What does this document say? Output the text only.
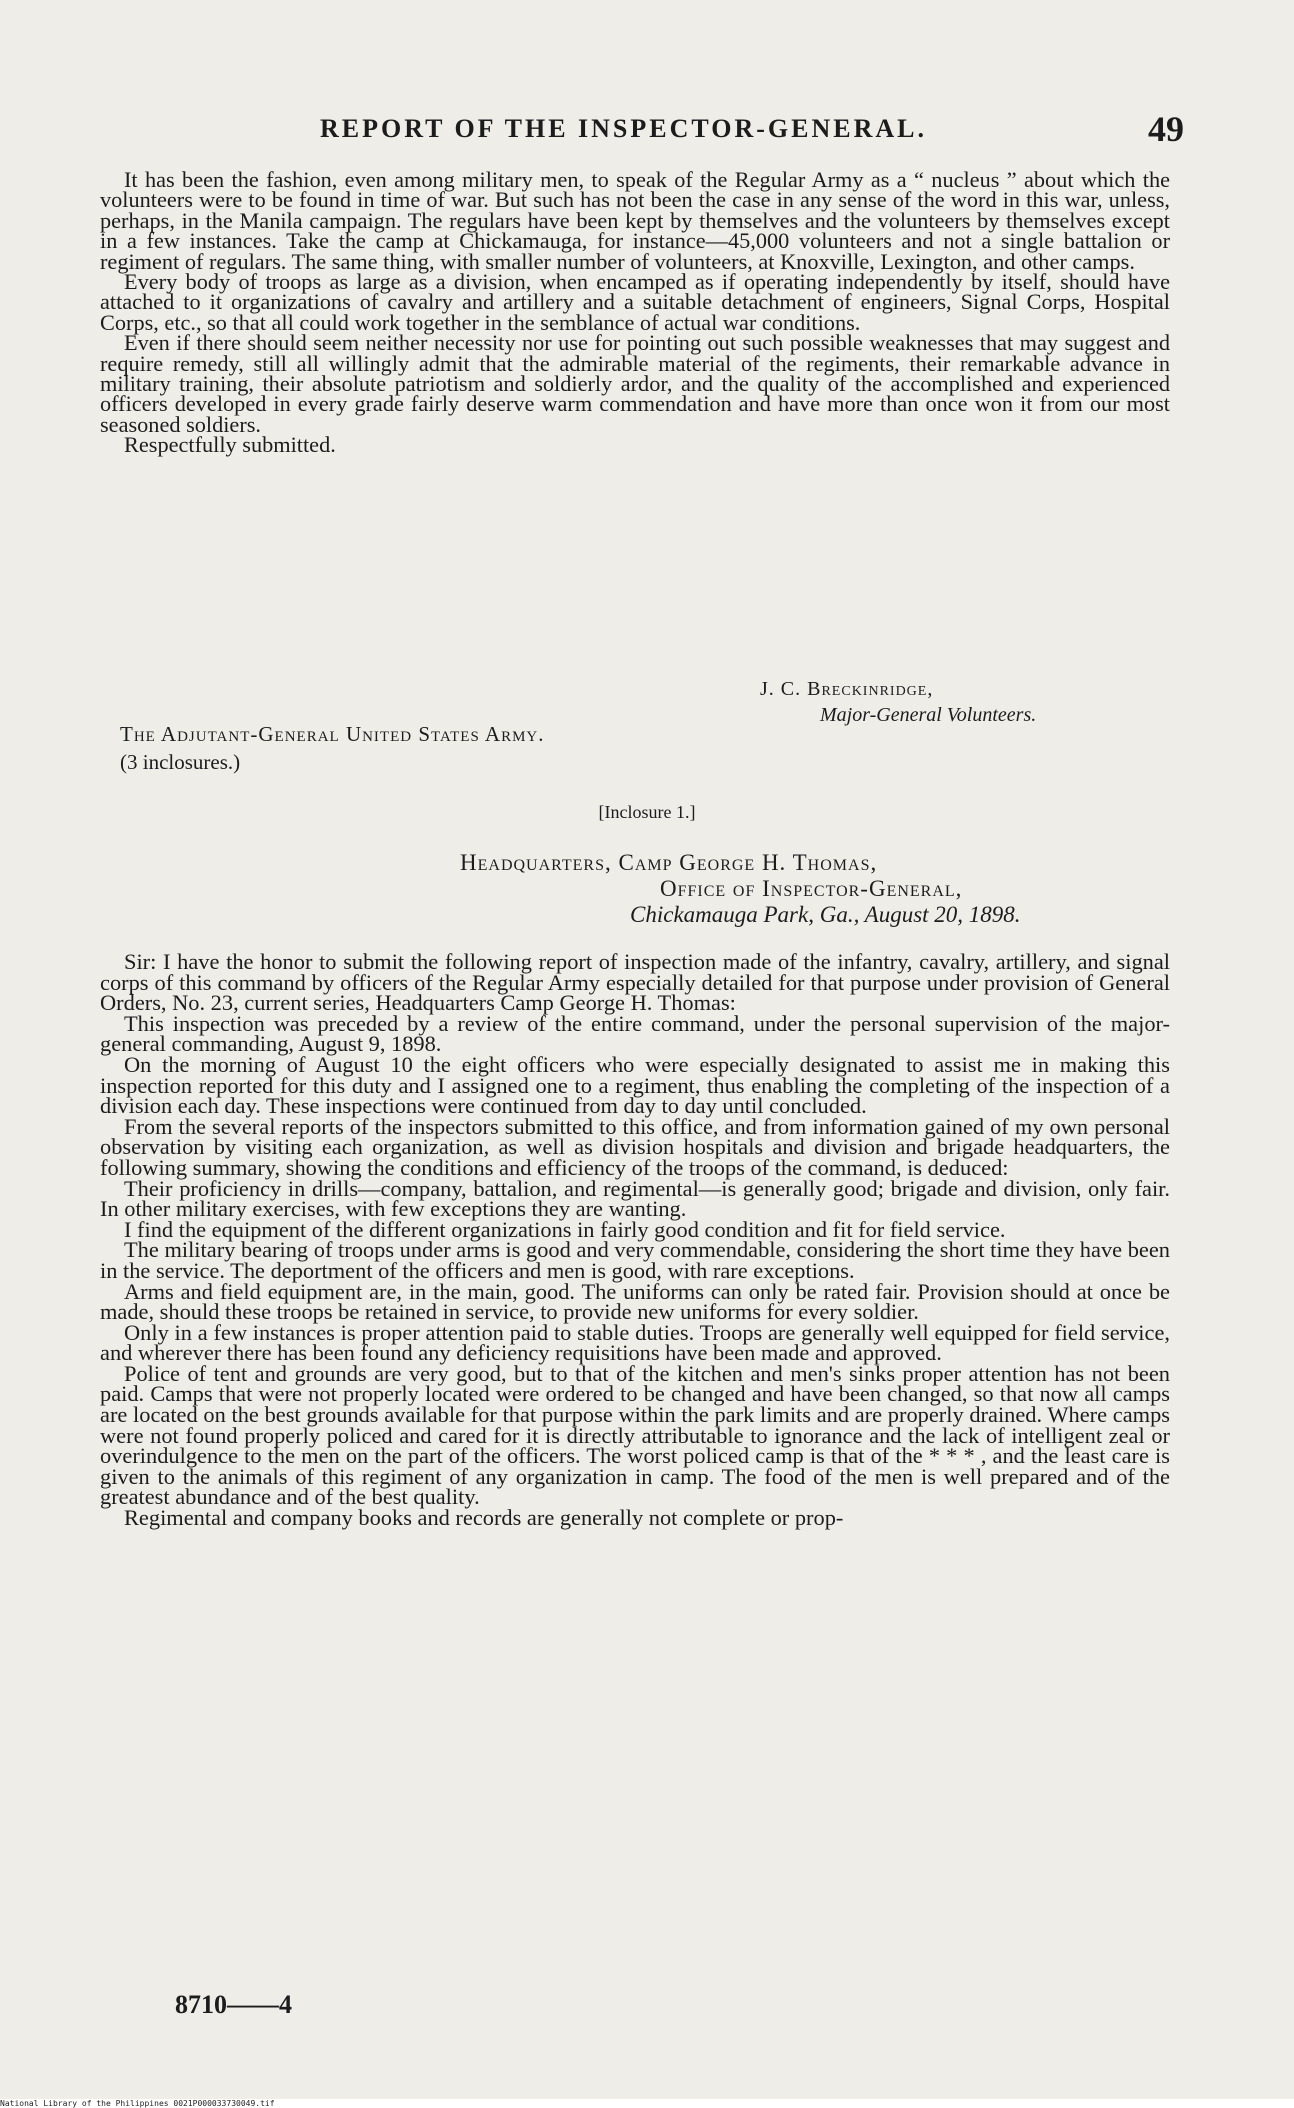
REPORT OF THE INSPECTOR-GENERAL.	49

It has been the fashion, even among military men, to speak of the Regular Army as a “ nucleus ” about which the volunteers were to be found in time of war. But such has not been the case in any sense of the word in this war, unless, perhaps, in the Manila campaign. The regulars have been kept by themselves and the volunteers by themselves except in a few instances. Take the camp at Chickamauga, for instance—45,000 volunteers and not a single battalion or regiment of regulars. The same thing, with smaller number of volunteers, at Knoxville, Lexington, and other camps.

Every body of troops as large as a division, when encamped as if operating independently by itself, should have attached to it organizations of cavalry and artillery and a suitable detachment of engineers, Signal Corps, Hospital Corps, etc., so that all could work together in the semblance of actual war conditions.

Even if there should seem neither necessity nor use for pointing out such possible weaknesses that may suggest and require remedy, still all willingly admit that the admirable material of the regiments, their remarkable advance in military training, their absolute patriotism and soldierly ardor, and the quality of the accomplished and experienced officers developed in every grade fairly deserve warm commendation and have more than once won it from our most seasoned soldiers.

Respectfully submitted.

J. C. Breckinridge,
Major-General Volunteers.
The Adjutant-General United States Army.
(3 inclosures.)
[Inclosure 1.]
Headquarters, Camp George H. Thomas,
Office of Inspector-General,
Chickamauga Park, Ga., August 20, 1898.

Sir: I have the honor to submit the following report of inspection made of the infantry, cavalry, artillery, and signal corps of this command by officers of the Regular Army especially detailed for that purpose under provision of General Orders, No. 23, current series, Headquarters Camp George H. Thomas:

This inspection was preceded by a review of the entire command, under the personal supervision of the major-general commanding, August 9, 1898.

On the morning of August 10 the eight officers who were especially designated to assist me in making this inspection reported for this duty and I assigned one to a regiment, thus enabling the completing of the inspection of a division each day. These inspections were continued from day to day until concluded.

From the several reports of the inspectors submitted to this office, and from information gained of my own personal observation by visiting each organization, as well as division hospitals and division and brigade headquarters, the following summary, showing the conditions and efficiency of the troops of the command, is deduced:

Their proficiency in drills—company, battalion, and regimental—is generally good; brigade and division, only fair. In other military exercises, with few exceptions they are wanting.

I find the equipment of the different organizations in fairly good condition and fit for field service.

The military bearing of troops under arms is good and very commendable, considering the short time they have been in the service. The deportment of the officers and men is good, with rare exceptions.

Arms and field equipment are, in the main, good. The uniforms can only be rated fair. Provision should at once be made, should these troops be retained in service, to provide new uniforms for every soldier.

Only in a few instances is proper attention paid to stable duties. Troops are generally well equipped for field service, and wherever there has been found any deficiency requisitions have been made and approved.

Police of tent and grounds are very good, but to that of the kitchen and men's sinks proper attention has not been paid. Camps that were not properly located were ordered to be changed and have been changed, so that now all camps are located on the best grounds available for that purpose within the park limits and are properly drained. Where camps were not found properly policed and cared for it is directly attributable to ignorance and the lack of intelligent zeal or overindulgence to the men on the part of the officers. The worst policed camp is that of the * * * , and the least care is given to the animals of this regiment of any organization in camp. The food of the men is well prepared and of the greatest abundance and of the best quality.

Regimental and company books and records are generally not complete or prop-

8710——4
National Library of the Philippines 0021P000033730049.tif
